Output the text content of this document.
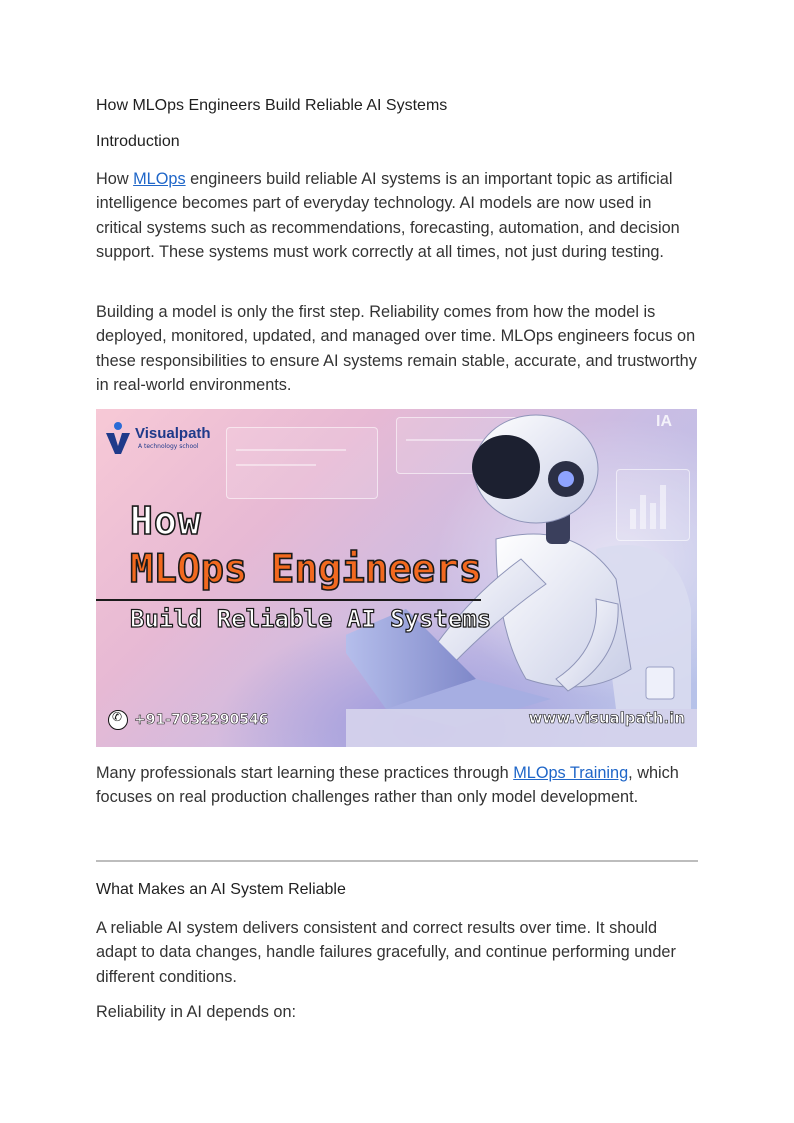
How MLOps Engineers Build Reliable AI Systems
Introduction

How MLOps engineers build reliable AI systems is an important topic as artificial intelligence becomes part of everyday technology. AI models are now used in critical systems such as recommendations, forecasting, automation, and decision support. These systems must work correctly at all times, not just during testing.

Building a model is only the first step. Reliability comes from how the model is deployed, monitored, updated, and managed over time. MLOps engineers focus on these responsibilities to ensure AI systems remain stable, accurate, and trustworthy in real-world environments.

IA
Visualpath
A technology school
How
MLOps Engineers
Build Reliable AI Systems
✆
+91-7032290546	www.visualpath.in

Many professionals start learning these practices through MLOps Training, which focuses on real production challenges rather than only model development.

What Makes an AI System Reliable

A reliable AI system delivers consistent and correct results over time. It should adapt to data changes, handle failures gracefully, and continue performing under different conditions.

Reliability in AI depends on:
